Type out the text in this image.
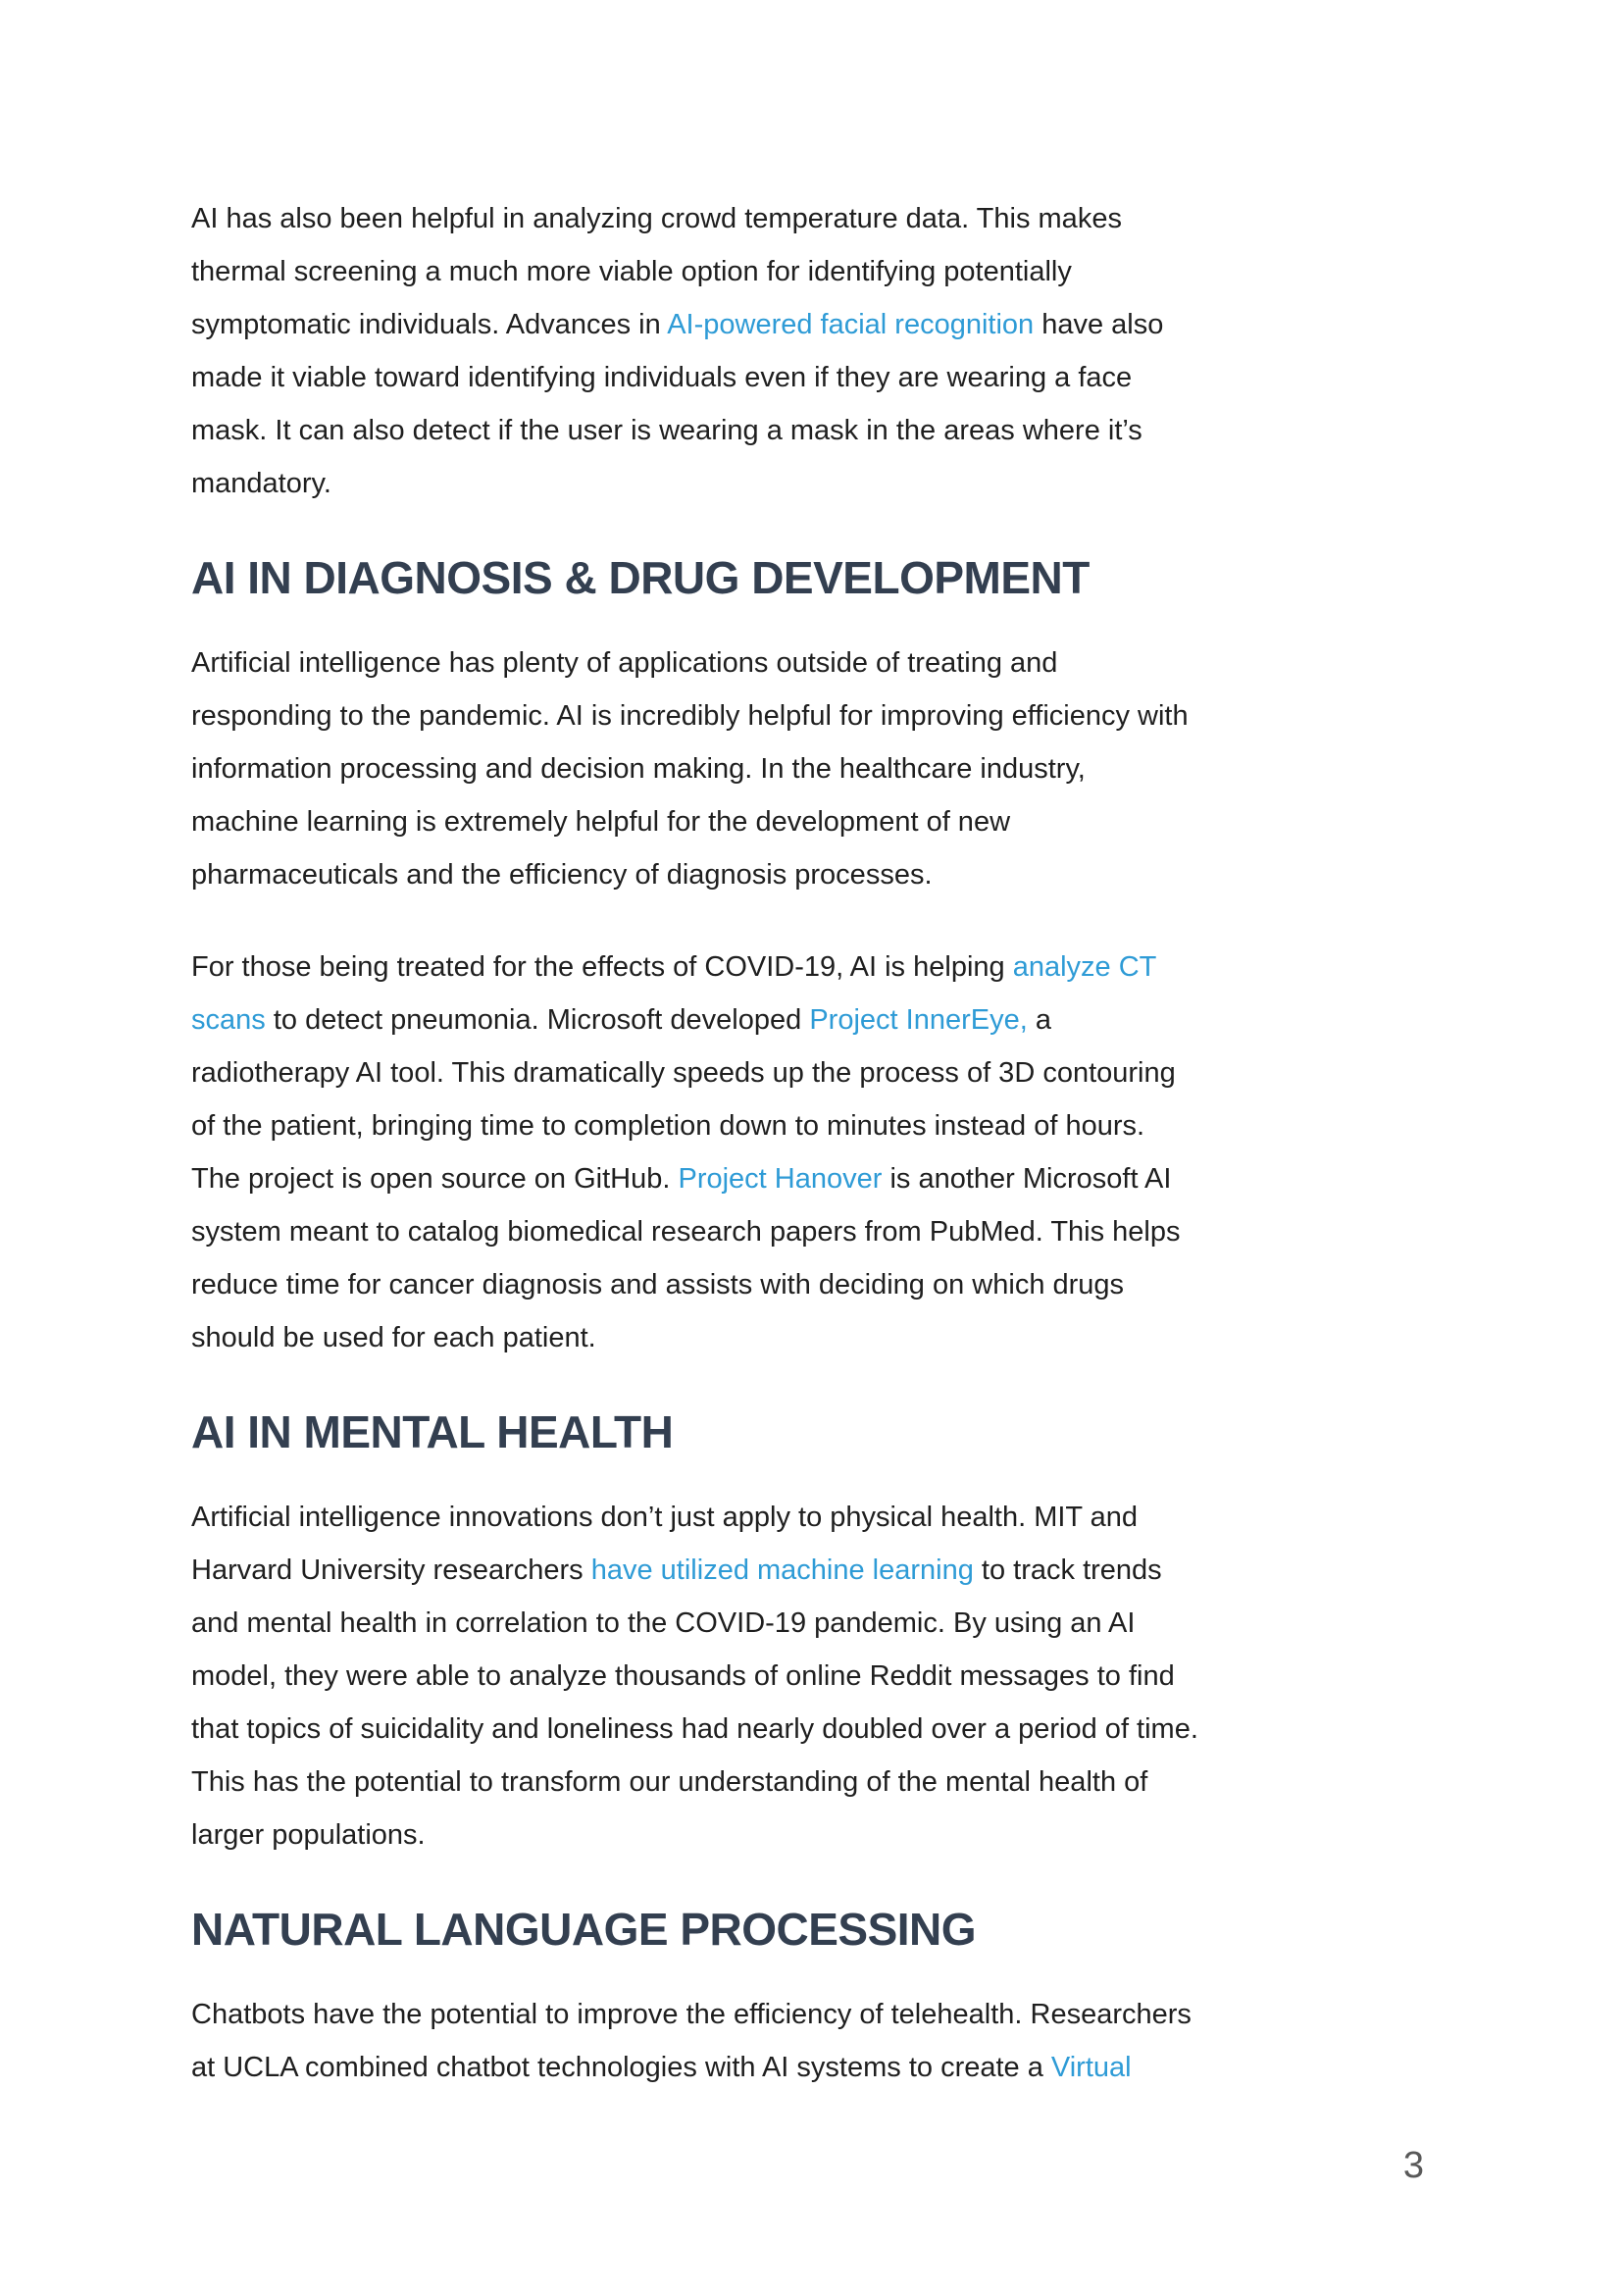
AI has also been helpful in analyzing crowd temperature data. This makes
thermal screening a much more viable option for identifying potentially
symptomatic individuals. Advances in AI-powered facial recognition have also
made it viable toward identifying individuals even if they are wearing a face
mask. It can also detect if the user is wearing a mask in the areas where it’s
mandatory.
AI IN DIAGNOSIS & DRUG DEVELOPMENT
Artificial intelligence has plenty of applications outside of treating and
responding to the pandemic. AI is incredibly helpful for improving efficiency with
information processing and decision making. In the healthcare industry,
machine learning is extremely helpful for the development of new
pharmaceuticals and the efficiency of diagnosis processes.
For those being treated for the effects of COVID-19, AI is helping analyze CT
scans to detect pneumonia. Microsoft developed Project InnerEye, a
radiotherapy AI tool. This dramatically speeds up the process of 3D contouring
of the patient, bringing time to completion down to minutes instead of hours.
The project is open source on GitHub. Project Hanover is another Microsoft AI
system meant to catalog biomedical research papers from PubMed. This helps
reduce time for cancer diagnosis and assists with deciding on which drugs
should be used for each patient.
AI IN MENTAL HEALTH
Artificial intelligence innovations don’t just apply to physical health. MIT and
Harvard University researchers have utilized machine learning to track trends
and mental health in correlation to the COVID-19 pandemic. By using an AI
model, they were able to analyze thousands of online Reddit messages to find
that topics of suicidality and loneliness had nearly doubled over a period of time.
This has the potential to transform our understanding of the mental health of
larger populations.
NATURAL LANGUAGE PROCESSING
Chatbots have the potential to improve the efficiency of telehealth. Researchers
at UCLA combined chatbot technologies with AI systems to create a Virtual
3
